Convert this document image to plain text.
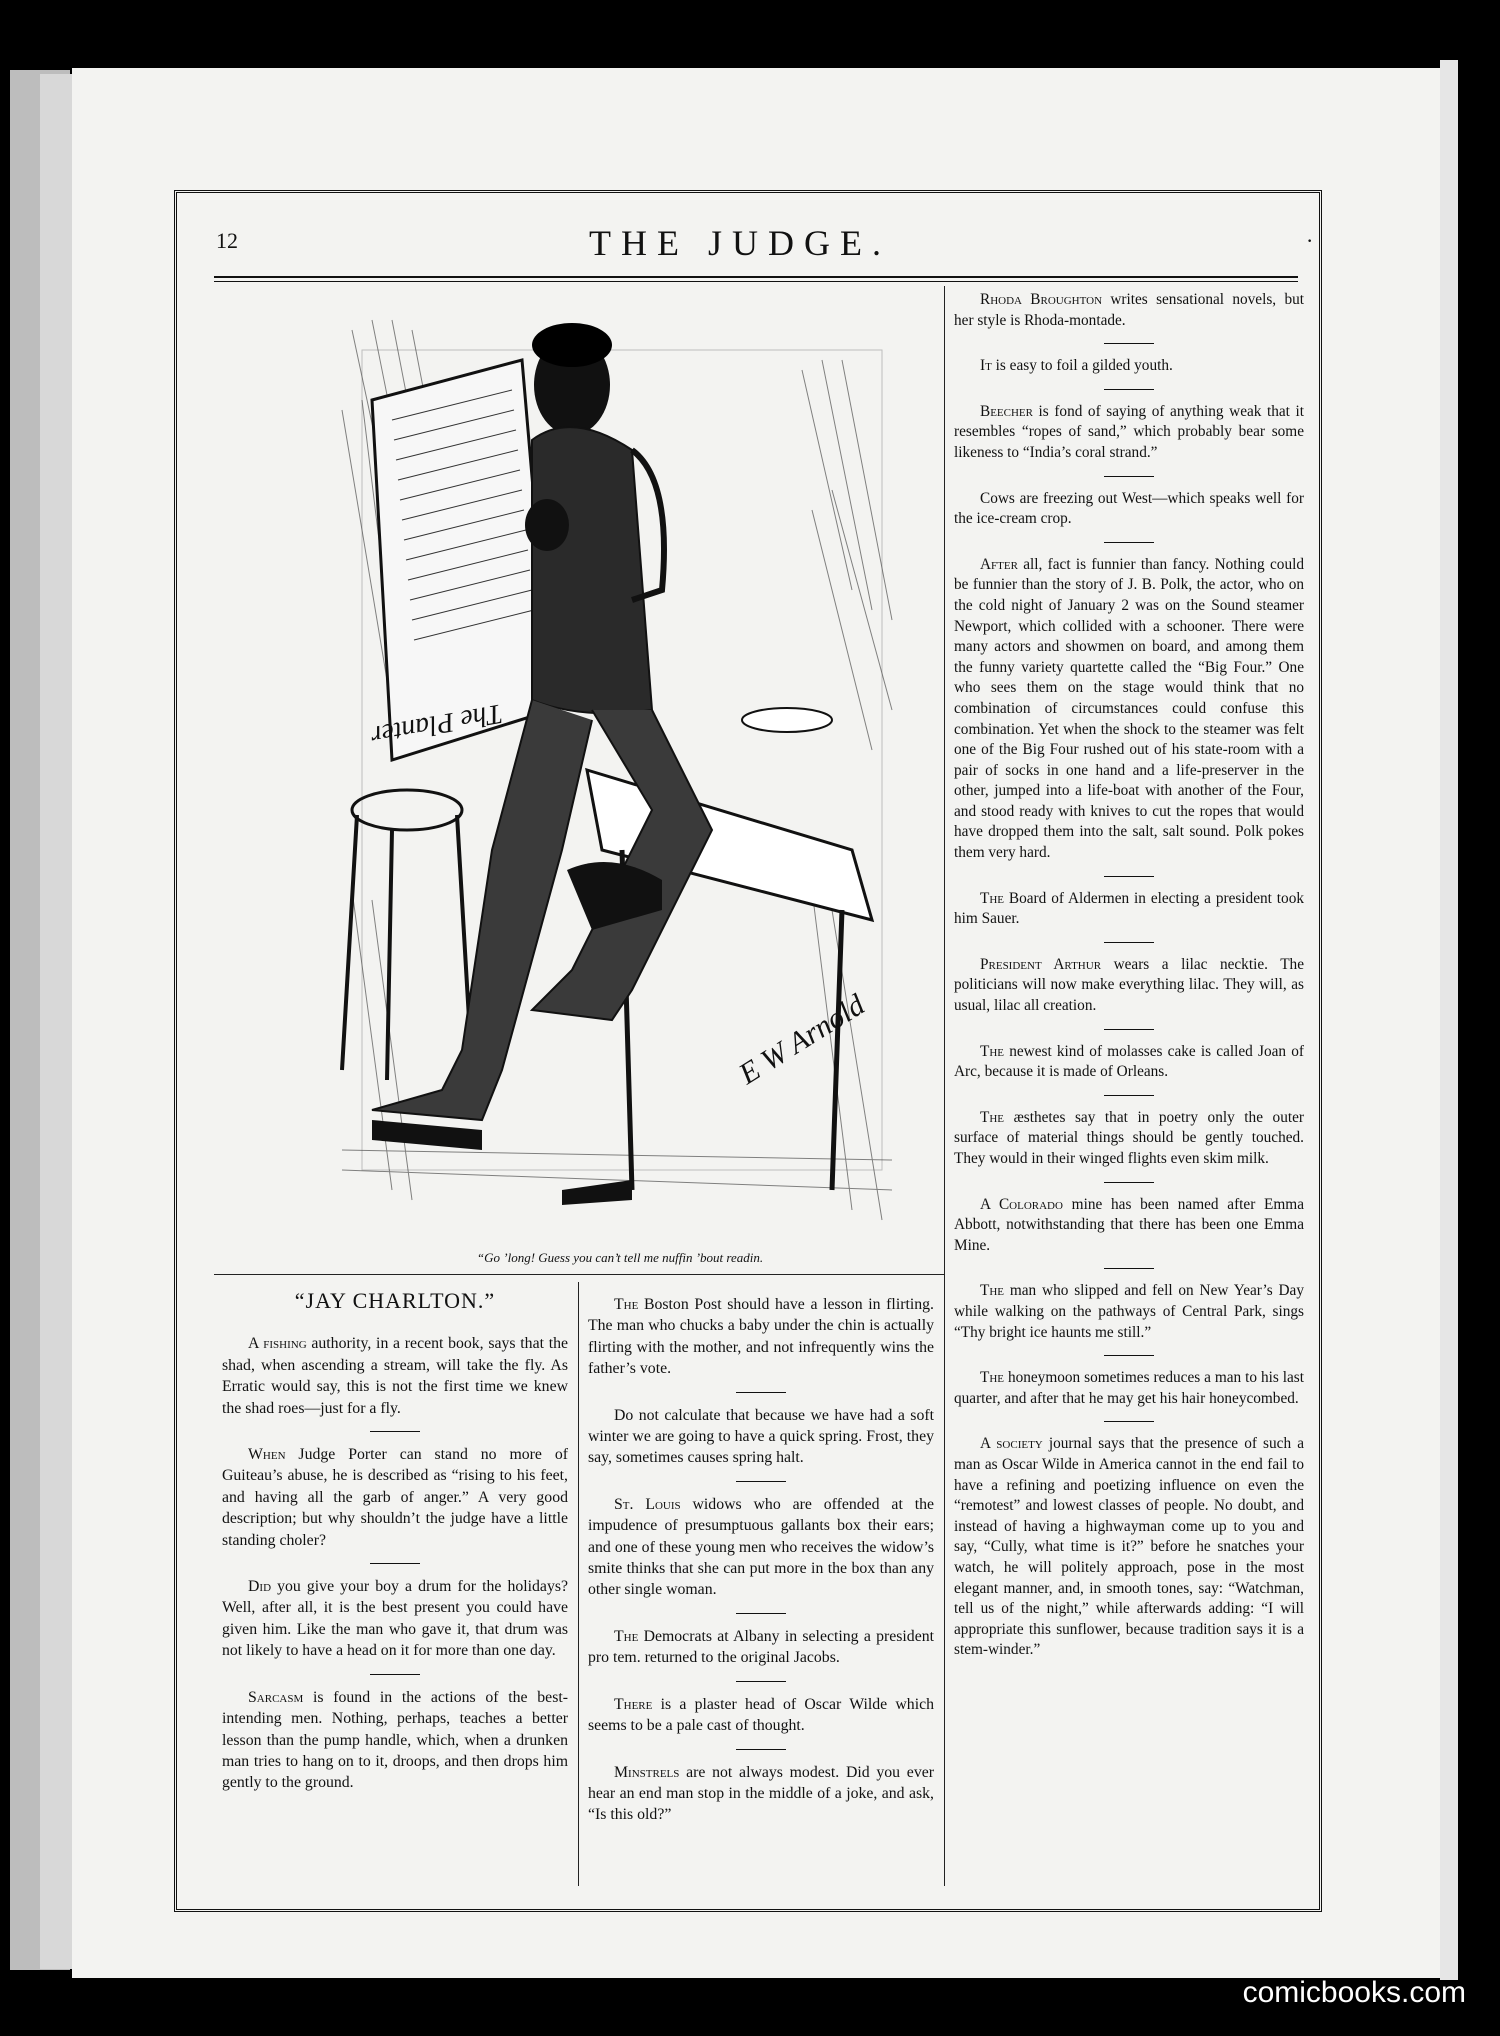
12	THE JUDGE.	·
The Planter
E W Arnold
“Go ’long! Guess you can’t tell me nuffin ’bout readin.
“JAY CHARLTON.”

A fishing authority, in a recent book, says that the shad, when ascending a stream, will take the fly. As Erratic would say, this is not the first time we knew the shad roes—just for a fly.

When Judge Porter can stand no more of Guiteau’s abuse, he is described as “rising to his feet, and having all the garb of anger.” A very good description; but why shouldn’t the judge have a little standing choler?

Did you give your boy a drum for the holidays? Well, after all, it is the best present you could have given him. Like the man who gave it, that drum was not likely to have a head on it for more than one day.

Sarcasm is found in the actions of the best-intending men. Nothing, perhaps, teaches a better lesson than the pump handle, which, when a drunken man tries to hang on to it, droops, and then drops him gently to the ground.

The Boston Post should have a lesson in flirting. The man who chucks a baby under the chin is actually flirting with the mother, and not infrequently wins the father’s vote.

Do not calculate that because we have had a soft winter we are going to have a quick spring. Frost, they say, sometimes causes spring halt.

St. Louis widows who are offended at the impudence of presumptuous gallants box their ears; and one of these young men who receives the widow’s smite thinks that she can put more in the box than any other single woman.

The Democrats at Albany in selecting a president pro tem. returned to the original Jacobs.

There is a plaster head of Oscar Wilde which seems to be a pale cast of thought.

Minstrels are not always modest. Did you ever hear an end man stop in the middle of a joke, and ask, “Is this old?”

Rhoda Broughton writes sensational novels, but her style is Rhoda-montade.

It is easy to foil a gilded youth.

Beecher is fond of saying of anything weak that it resembles “ropes of sand,” which probably bear some likeness to “India’s coral strand.”

Cows are freezing out West—which speaks well for the ice-cream crop.

After all, fact is funnier than fancy. Nothing could be funnier than the story of J. B. Polk, the actor, who on the cold night of January 2 was on the Sound steamer Newport, which collided with a schooner. There were many actors and showmen on board, and among them the funny variety quartette called the “Big Four.” One who sees them on the stage would think that no combination of circumstances could confuse this combination. Yet when the shock to the steamer was felt one of the Big Four rushed out of his state-room with a pair of socks in one hand and a life-preserver in the other, jumped into a life-boat with another of the Four, and stood ready with knives to cut the ropes that would have dropped them into the salt, salt sound. Polk pokes them very hard.

The Board of Aldermen in electing a president took him Sauer.

President Arthur wears a lilac necktie. The politicians will now make everything lilac. They will, as usual, lilac all creation.

The newest kind of molasses cake is called Joan of Arc, because it is made of Orleans.

The æsthetes say that in poetry only the outer surface of material things should be gently touched. They would in their winged flights even skim milk.

A Colorado mine has been named after Emma Abbott, notwithstanding that there has been one Emma Mine.

The man who slipped and fell on New Year’s Day while walking on the pathways of Central Park, sings “Thy bright ice haunts me still.”

The honeymoon sometimes reduces a man to his last quarter, and after that he may get his hair honeycombed.

A society journal says that the presence of such a man as Oscar Wilde in America cannot in the end fail to have a refining and poetizing influence on even the “remotest” and lowest classes of people. No doubt, and instead of having a highwayman come up to you and say, “Cully, what time is it?” before he snatches your watch, he will politely approach, pose in the most elegant manner, and, in smooth tones, say: “Watchman, tell us of the night,” while afterwards adding: “I will appropriate this sunflower, because tradition says it is a stem-winder.”

comicbooks.com
